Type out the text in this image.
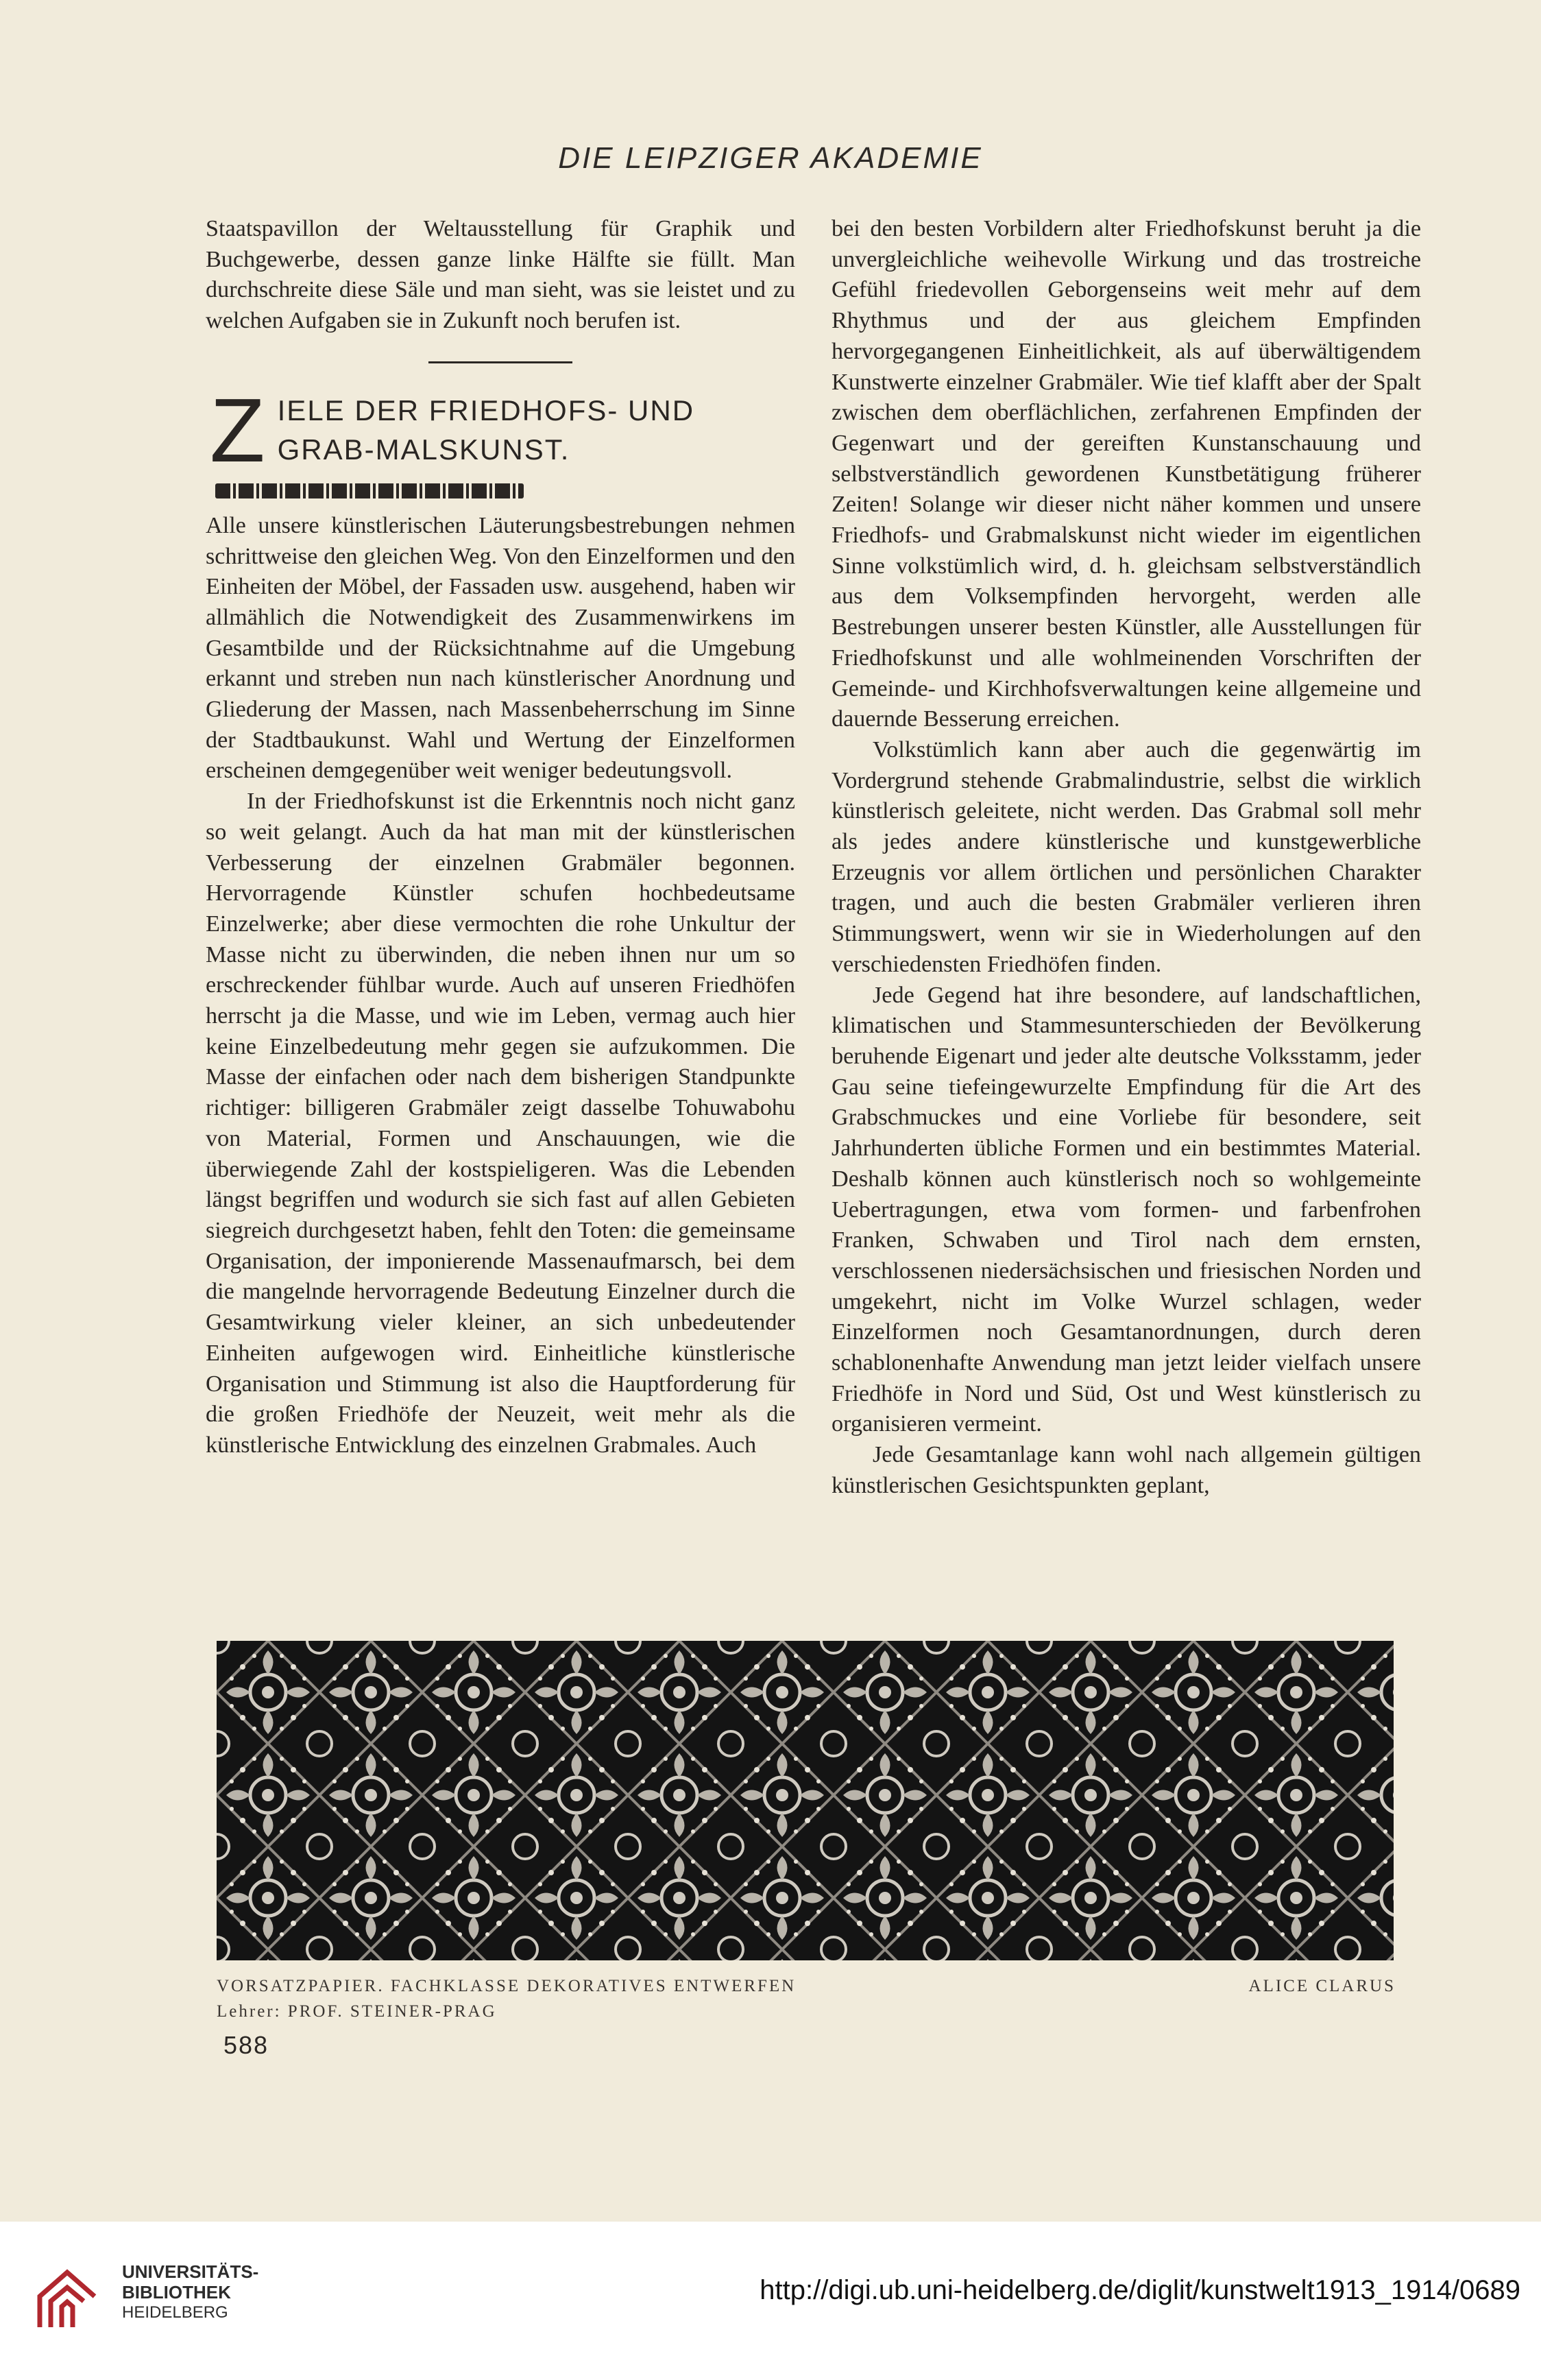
DIE LEIPZIGER AKADEMIE

Staatspavillon der Weltausstellung für Graphik und Buchgewerbe, dessen ganze linke Hälfte sie füllt. Man durchschreite diese Säle und man sieht, was sie leistet und zu welchen Aufgaben sie in Zukunft noch berufen ist.

Z IELE DER FRIEDHOFS- UND GRAB-MALSKUNST.

Alle unsere künstlerischen Läuterungsbestrebungen nehmen schrittweise den gleichen Weg. Von den Einzelformen und den Einheiten der Möbel, der Fassaden usw. ausgehend, haben wir allmählich die Notwendigkeit des Zusammenwirkens im Gesamtbilde und der Rücksichtnahme auf die Umgebung erkannt und streben nun nach künstlerischer Anordnung und Gliederung der Massen, nach Massenbeherrschung im Sinne der Stadtbaukunst. Wahl und Wertung der Einzelformen erscheinen demgegenüber weit weniger bedeutungsvoll.

In der Friedhofskunst ist die Erkenntnis noch nicht ganz so weit gelangt. Auch da hat man mit der künstlerischen Verbesserung der einzelnen Grabmäler begonnen. Hervorragende Künstler schufen hochbedeutsame Einzelwerke; aber diese vermochten die rohe Unkultur der Masse nicht zu überwinden, die neben ihnen nur um so erschreckender fühlbar wurde. Auch auf unseren Friedhöfen herrscht ja die Masse, und wie im Leben, vermag auch hier keine Einzelbedeutung mehr gegen sie aufzukommen. Die Masse der einfachen oder nach dem bisherigen Standpunkte richtiger: billigeren Grabmäler zeigt dasselbe Tohuwabohu von Material, Formen und Anschauungen, wie die überwiegende Zahl der kostspieligeren. Was die Lebenden längst begriffen und wodurch sie sich fast auf allen Gebieten siegreich durchgesetzt haben, fehlt den Toten: die gemeinsame Organisation, der imponierende Massenaufmarsch, bei dem die mangelnde hervorragende Bedeutung Einzelner durch die Gesamtwirkung vieler kleiner, an sich unbedeutender Einheiten aufgewogen wird. Einheitliche künstlerische Organisation und Stimmung ist also die Hauptforderung für die großen Friedhöfe der Neuzeit, weit mehr als die künstlerische Entwicklung des einzelnen Grabmales. Auch

bei den besten Vorbildern alter Friedhofskunst beruht ja die unvergleichliche weihevolle Wirkung und das trostreiche Gefühl friedevollen Geborgenseins weit mehr auf dem Rhythmus und der aus gleichem Empfinden hervorgegangenen Einheitlichkeit, als auf überwältigendem Kunstwerte einzelner Grabmäler. Wie tief klafft aber der Spalt zwischen dem oberflächlichen, zerfahrenen Empfinden der Gegenwart und der gereiften Kunstanschauung und selbstverständlich gewordenen Kunstbetätigung früherer Zeiten! Solange wir dieser nicht näher kommen und unsere Friedhofs- und Grabmalskunst nicht wieder im eigentlichen Sinne volkstümlich wird, d. h. gleichsam selbstverständlich aus dem Volksempfinden hervorgeht, werden alle Bestrebungen unserer besten Künstler, alle Ausstellungen für Friedhofskunst und alle wohlmeinenden Vorschriften der Gemeinde- und Kirchhofsverwaltungen keine allgemeine und dauernde Besserung erreichen.

Volkstümlich kann aber auch die gegenwärtig im Vordergrund stehende Grabmalindustrie, selbst die wirklich künstlerisch geleitete, nicht werden. Das Grabmal soll mehr als jedes andere künstlerische und kunstgewerbliche Erzeugnis vor allem örtlichen und persönlichen Charakter tragen, und auch die besten Grabmäler verlieren ihren Stimmungswert, wenn wir sie in Wiederholungen auf den verschiedensten Friedhöfen finden.

Jede Gegend hat ihre besondere, auf landschaftlichen, klimatischen und Stammesunterschieden der Bevölkerung beruhende Eigenart und jeder alte deutsche Volksstamm, jeder Gau seine tiefeingewurzelte Empfindung für die Art des Grabschmuckes und eine Vorliebe für besondere, seit Jahrhunderten übliche Formen und ein bestimmtes Material. Deshalb können auch künstlerisch noch so wohlgemeinte Uebertragungen, etwa vom formen- und farbenfrohen Franken, Schwaben und Tirol nach dem ernsten, verschlossenen niedersächsischen und friesischen Norden und umgekehrt, nicht im Volke Wurzel schlagen, weder Einzelformen noch Gesamtanordnungen, durch deren schablonenhafte Anwendung man jetzt leider vielfach unsere Friedhöfe in Nord und Süd, Ost und West künstlerisch zu organisieren vermeint.

Jede Gesamtanlage kann wohl nach allgemein gültigen künstlerischen Gesichtspunkten geplant,

VORSATZPAPIER. FACHKLASSE DEKORATIVES ENTWERFEN	ALICE CLARUS
Lehrer: PROF. STEINER-PRAG
588
UNIVERSITÄTS-
BIBLIOTHEK
HEIDELBERG
http://digi.ub.uni-heidelberg.de/diglit/kunstwelt1913_1914/0689
